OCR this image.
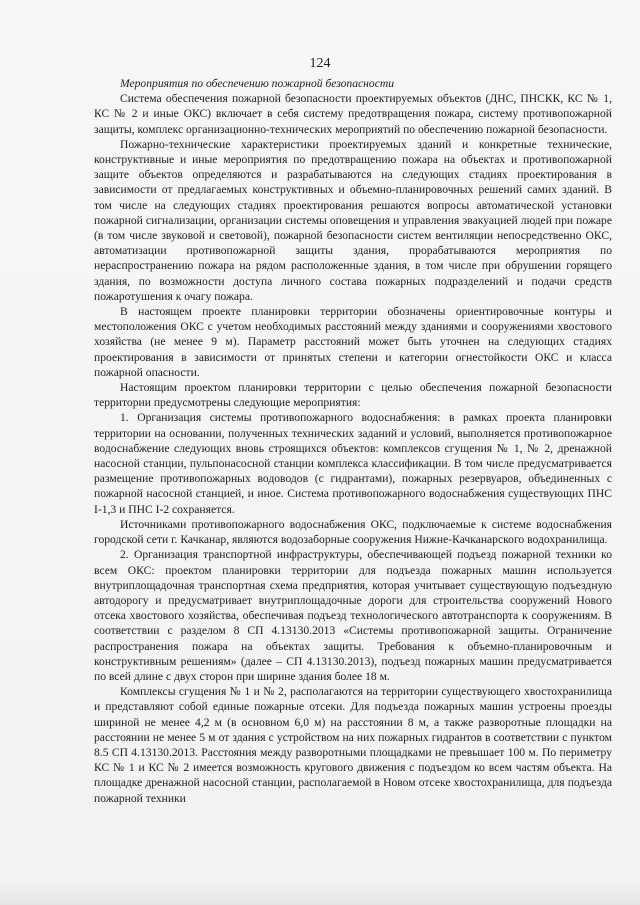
124

Мероприятия по обеспечению пожарной безопасности

Система обеспечения пожарной безопасности проектируемых объектов (ДНС, ПНСКК, КС № 1, КС № 2 и иные ОКС) включает в себя систему предотвращения пожара, систему противопожарной защиты, комплекс организационно-технических мероприятий по обеспечению пожарной безопасности.

Пожарно-технические характеристики проектируемых зданий и конкретные технические, конструктивные и иные мероприятия по предотвращению пожара на объектах и противопожарной защите объектов определяются и разрабатываются на следующих стадиях проектирования в зависимости от предлагаемых конструктивных и объемно-планировочных решений самих зданий. В том числе на следующих стадиях проектирования решаются вопросы автоматической установки пожарной сигнализации, организации системы оповещения и управления эвакуацией людей при пожаре (в том числе звуковой и световой), пожарной безопасности систем вентиляции непосредственно ОКС, автоматизации противопожарной защиты здания, прорабатываются мероприятия по нераспространению пожара на рядом расположенные здания, в том числе при обрушении горящего здания, по возможности доступа личного состава пожарных подразделений и подачи средств пожаротушения к очагу пожара.

В настоящем проекте планировки территории обозначены ориентировочные контуры и местоположения ОКС с учетом необходимых расстояний между зданиями и сооружениями хвостового хозяйства (не менее 9 м). Параметр расстояний может быть уточнен на следующих стадиях проектирования в зависимости от принятых степени и категории огнестойкости ОКС и класса пожарной опасности.

Настоящим проектом планировки территории с целью обеспечения пожарной безопасности территории предусмотрены следующие мероприятия:

1. Организация системы противопожарного водоснабжения: в рамках проекта планировки территории на основании, полученных технических заданий и условий, выполняется противопожарное водоснабжение следующих вновь строящихся объектов: комплексов сгущения № 1, № 2, дренажной насосной станции, пульпонасосной станции комплекса классификации. В том числе предусматривается размещение противопожарных водоводов (с гидрантами), пожарных резервуаров, объединенных с пожарной насосной станцией, и иное. Система противопожарного водоснабжения существующих ПНС І-1,3 и ПНС І-2 сохраняется.

Источниками противопожарного водоснабжения ОКС, подключаемые к системе водоснабжения городской сети г. Качканар, являются водозаборные сооружения Нижне-Качканарского водохранилища.

2. Организация транспортной инфраструктуры, обеспечивающей подъезд пожарной техники ко всем ОКС: проектом планировки территории для подъезда пожарных машин используется внутриплощадочная транспортная схема предприятия, которая учитывает существующую подъездную автодорогу и предусматривает внутриплощадочные дороги для строительства сооружений Нового отсека хвостового хозяйства, обеспечивая подъезд технологического автотранспорта к сооружениям. В соответствии с разделом 8 СП 4.13130.2013 «Системы противопожарной защиты. Ограничение распространения пожара на объектах защиты. Требования к объемно-планировочным и конструктивным решениям» (далее – СП 4.13130.2013), подъезд пожарных машин предусматривается по всей длине с двух сторон при ширине здания более 18 м.

Комплексы сгущения № 1 и № 2, располагаются на территории существующего хвостохранилища и представляют собой единые пожарные отсеки. Для подъезда пожарных машин устроены проезды шириной не менее 4,2 м (в основном 6,0 м) на расстоянии 8 м, а также разворотные площадки на расстоянии не менее 5 м от здания с устройством на них пожарных гидрантов в соответствии с пунктом 8.5 СП 4.13130.2013. Расстояния между разворотными площадками не превышает 100 м. По периметру КС № 1 и КС № 2 имеется возможность кругового движения с подъездом ко всем частям объекта. На площадке дренажной насосной станции, располагаемой в Новом отсеке хвостохранилища, для подъезда пожарной техники
